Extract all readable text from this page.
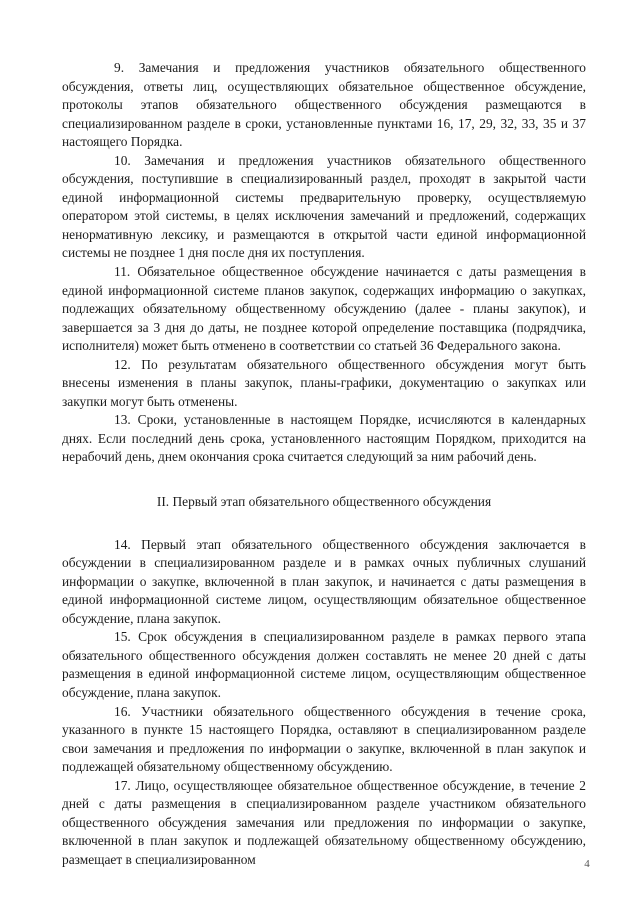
9. Замечания и предложения участников обязательного общественного обсуждения, ответы лиц, осуществляющих обязательное общественное обсуждение, протоколы этапов обязательного общественного обсуждения размещаются в специализированном разделе в сроки, установленные пунктами 16, 17, 29, 32, 33, 35 и 37 настоящего Порядка.

10. Замечания и предложения участников обязательного общественного обсуждения, поступившие в специализированный раздел, проходят в закрытой части единой информационной системы предварительную проверку, осуществляемую оператором этой системы, в целях исключения замечаний и предложений, содержащих ненормативную лексику, и размещаются в открытой части единой информационной системы не позднее 1 дня после дня их поступления.

11. Обязательное общественное обсуждение начинается с даты размещения в единой информационной системе планов закупок, содержащих информацию о закупках, подлежащих обязательному общественному обсуждению (далее - планы закупок), и завершается за 3 дня до даты, не позднее которой определение поставщика (подрядчика, исполнителя) может быть отменено в соответствии со статьей 36 Федерального закона.

12. По результатам обязательного общественного обсуждения могут быть внесены изменения в планы закупок, планы-графики, документацию о закупках или закупки могут быть отменены.

13. Сроки, установленные в настоящем Порядке, исчисляются в календарных днях. Если последний день срока, установленного настоящим Порядком, приходится на нерабочий день, днем окончания срока считается следующий за ним рабочий день.

II. Первый этап обязательного общественного обсуждения

14. Первый этап обязательного общественного обсуждения заключается в обсуждении в специализированном разделе и в рамках очных публичных слушаний информации о закупке, включенной в план закупок, и начинается с даты размещения в единой информационной системе лицом, осуществляющим обязательное общественное обсуждение, плана закупок.

15. Срок обсуждения в специализированном разделе в рамках первого этапа обязательного общественного обсуждения должен составлять не менее 20 дней с даты размещения в единой информационной системе лицом, осуществляющим общественное обсуждение, плана закупок.

16. Участники обязательного общественного обсуждения в течение срока, указанного в пункте 15 настоящего Порядка, оставляют в специализированном разделе свои замечания и предложения по информации о закупке, включенной в план закупок и подлежащей обязательному общественному обсуждению.

17. Лицо, осуществляющее обязательное общественное обсуждение, в течение 2 дней с даты размещения в специализированном разделе участником обязательного общественного обсуждения замечания или предложения по информации о закупке, включенной в план закупок и подлежащей обязательному общественному обсуждению, размещает в специализированном	4
